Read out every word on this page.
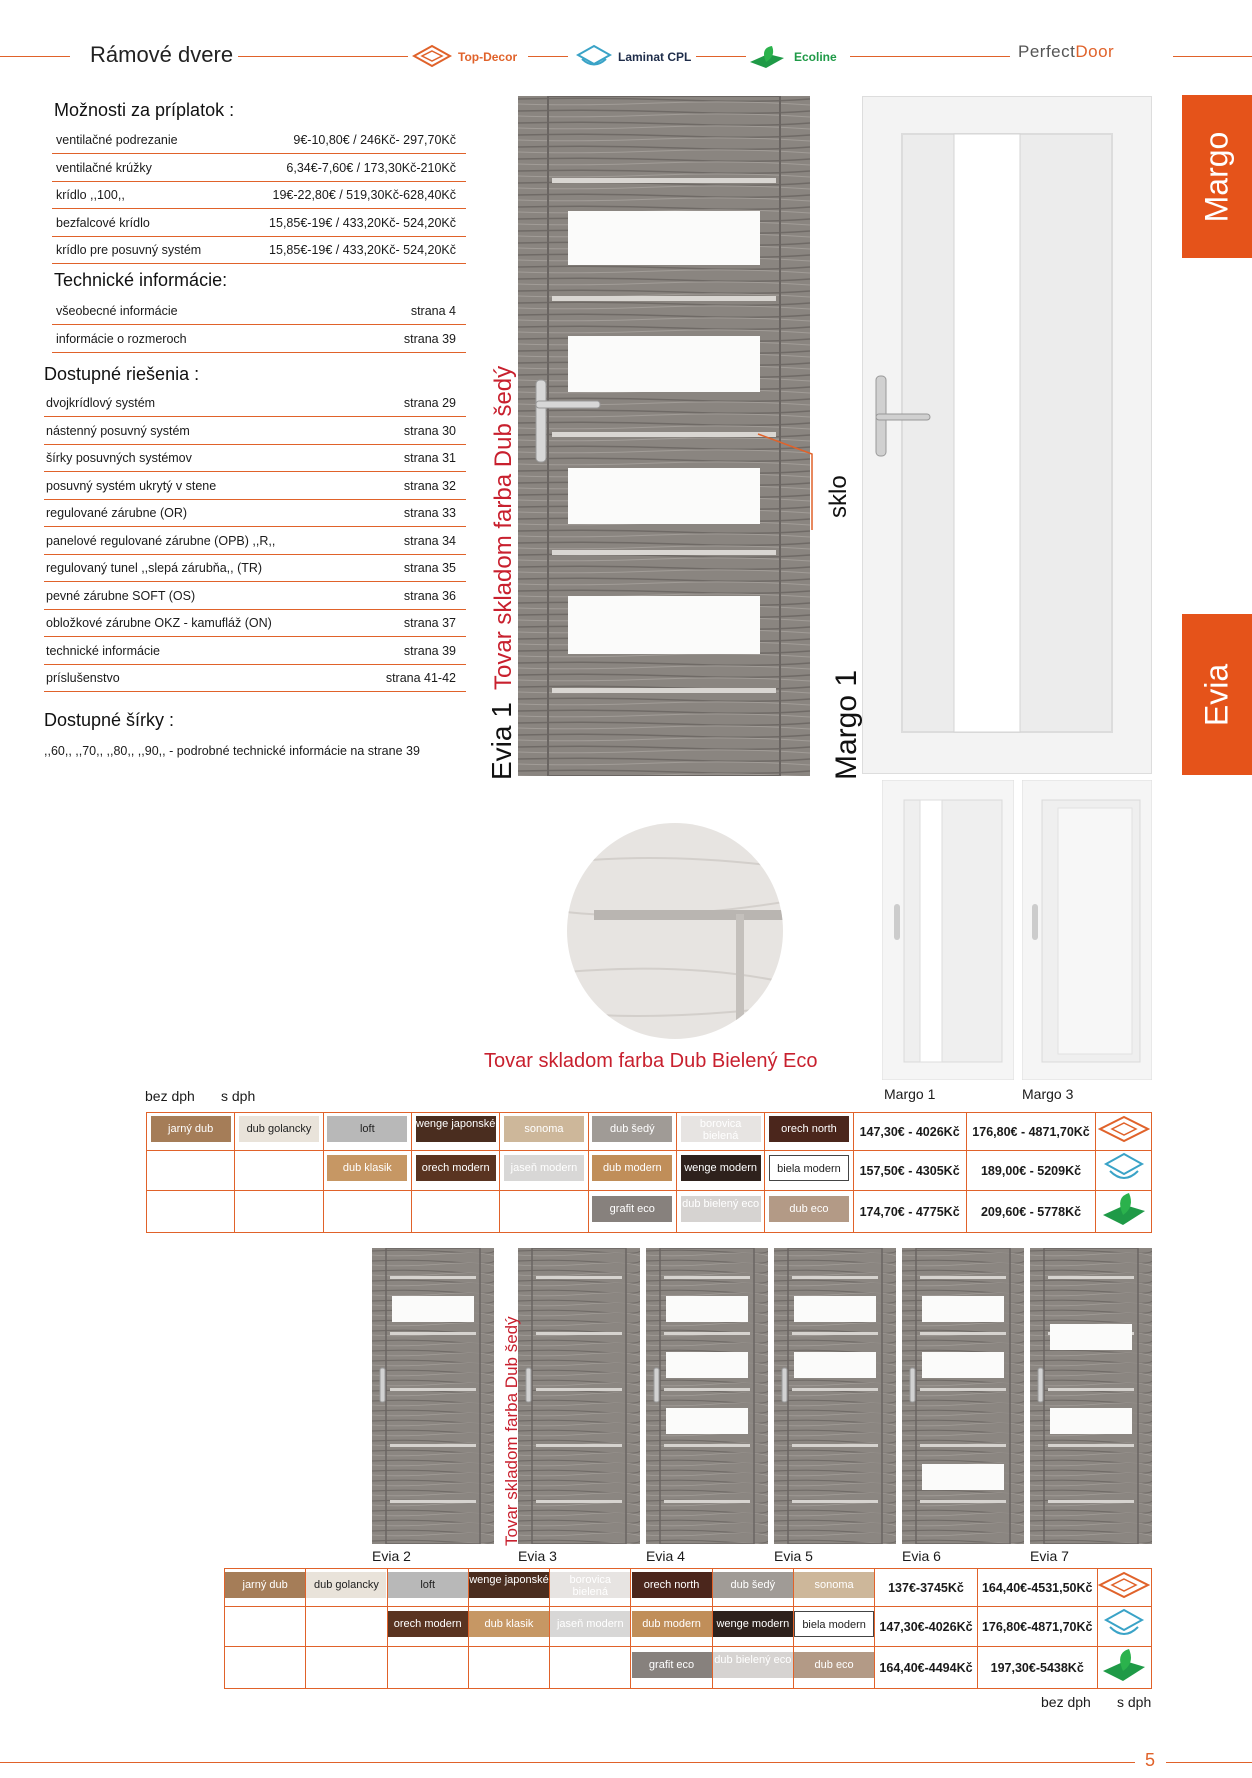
Rámové dvere	Top-Decor	Laminat CPL	Ecoline	Perfect Door
Možnosti za príplatok :
ventilačné podrezanie	9€-10,80€ / 246Kč- 297,70Kč
ventilačné krúžky	6,34€-7,60€ / 173,30Kč-210Kč
krídlo ,,100,,	19€-22,80€ / 519,30Kč-628,40Kč
bezfalcové krídlo	15,85€-19€ / 433,20Kč- 524,20Kč
krídlo pre posuvný systém	15,85€-19€ / 433,20Kč- 524,20Kč
Technické informácie:
všeobecné informácie	strana 4
informácie o rozmeroch	strana 39
Dostupné riešenia :
dvojkrídlový systém	strana 29
nástenný posuvný systém	strana 30
šírky posuvných systémov	strana 31
posuvný systém ukrytý v stene	strana 32
regulované zárubne (OR)	strana 33
panelové regulované zárubne (OPB) ,,R,,	strana 34
regulovaný tunel ,,slepá zárubňa,, (TR)	strana 35
pevné zárubne SOFT (OS)	strana 36
obložkové zárubne OKZ - kamufláž (ON)	strana 37
technické informácie	strana 39
príslušenstvo	strana 41-42
Dostupné šírky :
,,60,, ,,70,, ,,80,, ,,90,, - podrobné technické informácie na strane 39
Margo
Evia
Evia 1
Tovar skladom farba Dub šedý	sklo
Margo 1
Tovar skladom farba Dub Bielený Eco
Margo 1	Margo 3
bez dph s dph
jarný dub	dub golancky	loft	wenge japonské	sonoma	dub šedý	borovica bielená	orech north	147,30€ - 4026Kč	176,80€ - 4871,70Kč	
		dub klasik	orech modern	jaseň modern	dub modern	wenge modern	biela modern	157,50€ - 4305Kč	189,00€ - 5209Kč	
					grafit eco	dub bielený eco	dub eco	174,70€ - 4775Kč	209,60€ - 5778Kč	
Evia 2	Evia 3	Evia 4	Evia 5	Evia 6	Evia 7
Tovar skladom farba Dub šedý
jarný dub	dub golancky	loft	wenge japonské	borovica bielená	orech north	dub šedý	sonoma	137€-3745Kč	164,40€-4531,50Kč	
		orech modern	dub klasik	jaseň modern	dub modern	wenge modern	biela modern	147,30€-4026Kč	176,80€-4871,70Kč	
					grafit eco	dub bielený eco	dub eco	164,40€-4494Kč	197,30€-5438Kč	
bez dph s dph
5
